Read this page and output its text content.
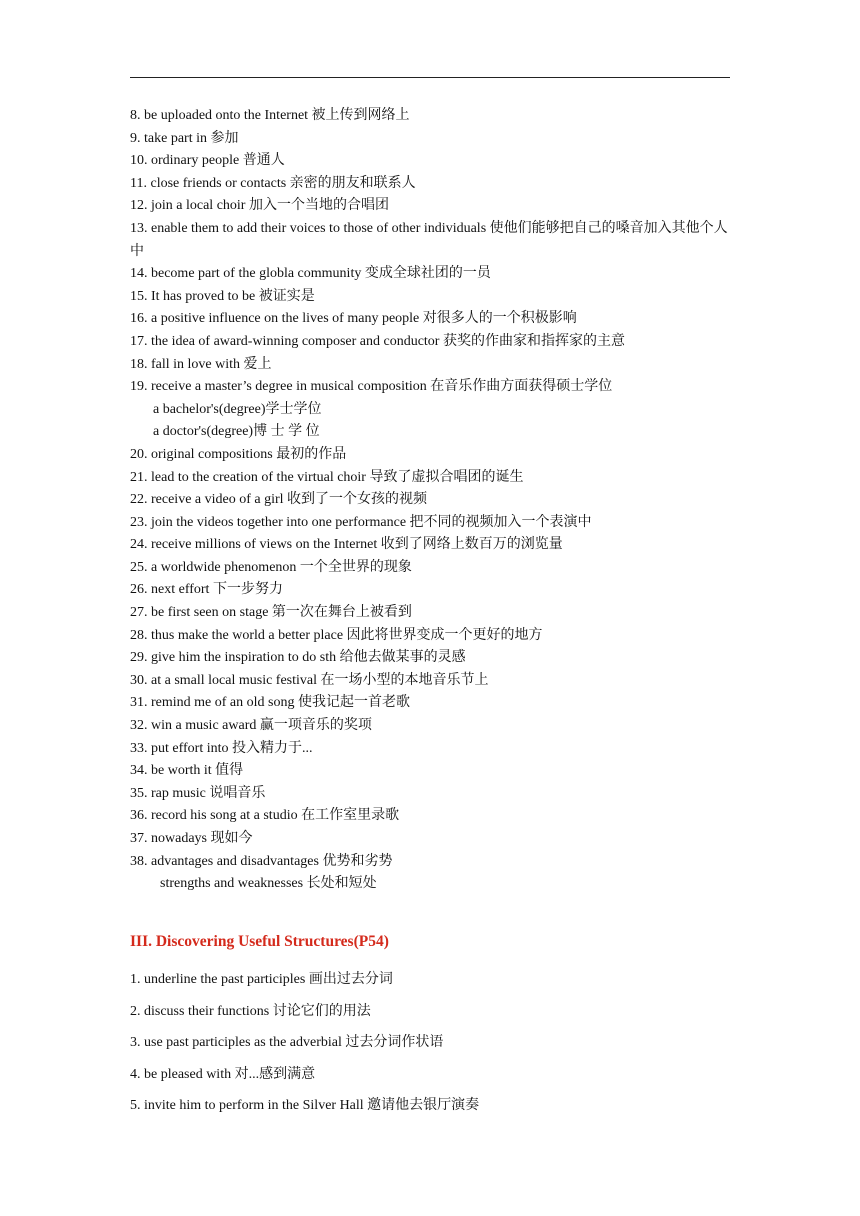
8. be uploaded onto the Internet 被上传到网络上
9. take part in 参加
10. ordinary people 普通人
11. close friends or contacts 亲密的朋友和联系人
12. join a local choir 加入一个当地的合唱团
13. enable them to add their voices to those of other individuals 使他们能够把自己的嗓音加入其他个人中
14. become part of the globla community 变成全球社团的一员
15. It has proved to be 被证实是
16. a positive influence on the lives of many people 对很多人的一个积极影响
17. the idea of award-winning composer and conductor 获奖的作曲家和指挥家的主意
18. fall in love with 爱上
19. receive a master’s degree in musical composition 在音乐作曲方面获得硕士学位
a bachelor's(degree)学士学位
a doctor's(degree)博 士 学 位
20. original compositions 最初的作品
21. lead to the creation of the virtual choir 导致了虚拟合唱团的诞生
22. receive a video of a girl 收到了一个女孩的视频
23. join the videos together into one performance 把不同的视频加入一个表演中
24. receive millions of views on the Internet 收到了网络上数百万的浏览量
25. a worldwide phenomenon 一个全世界的现象
26. next effort 下一步努力
27. be first seen on stage 第一次在舞台上被看到
28. thus make the world a better place 因此将世界变成一个更好的地方
29. give him the inspiration to do sth 给他去做某事的灵感
30. at a small local music festival 在一场小型的本地音乐节上
31. remind me of an old song 使我记起一首老歌
32. win a music award 赢一项音乐的奖项
33. put effort into 投入精力于...
34. be worth it 值得
35. rap music 说唱音乐
36. record his song at a studio 在工作室里录歌
37. nowadays 现如今
38. advantages and disadvantages 优势和劣势
strengths and weaknesses 长处和短处
III. Discovering Useful Structures(P54)
1. underline the past participles 画出过去分词
2. discuss their functions 讨论它们的用法
3. use past participles as the adverbial 过去分词作状语
4. be pleased with 对...感到满意
5. invite him to perform in the Silver Hall 邀请他去银厅演奏
